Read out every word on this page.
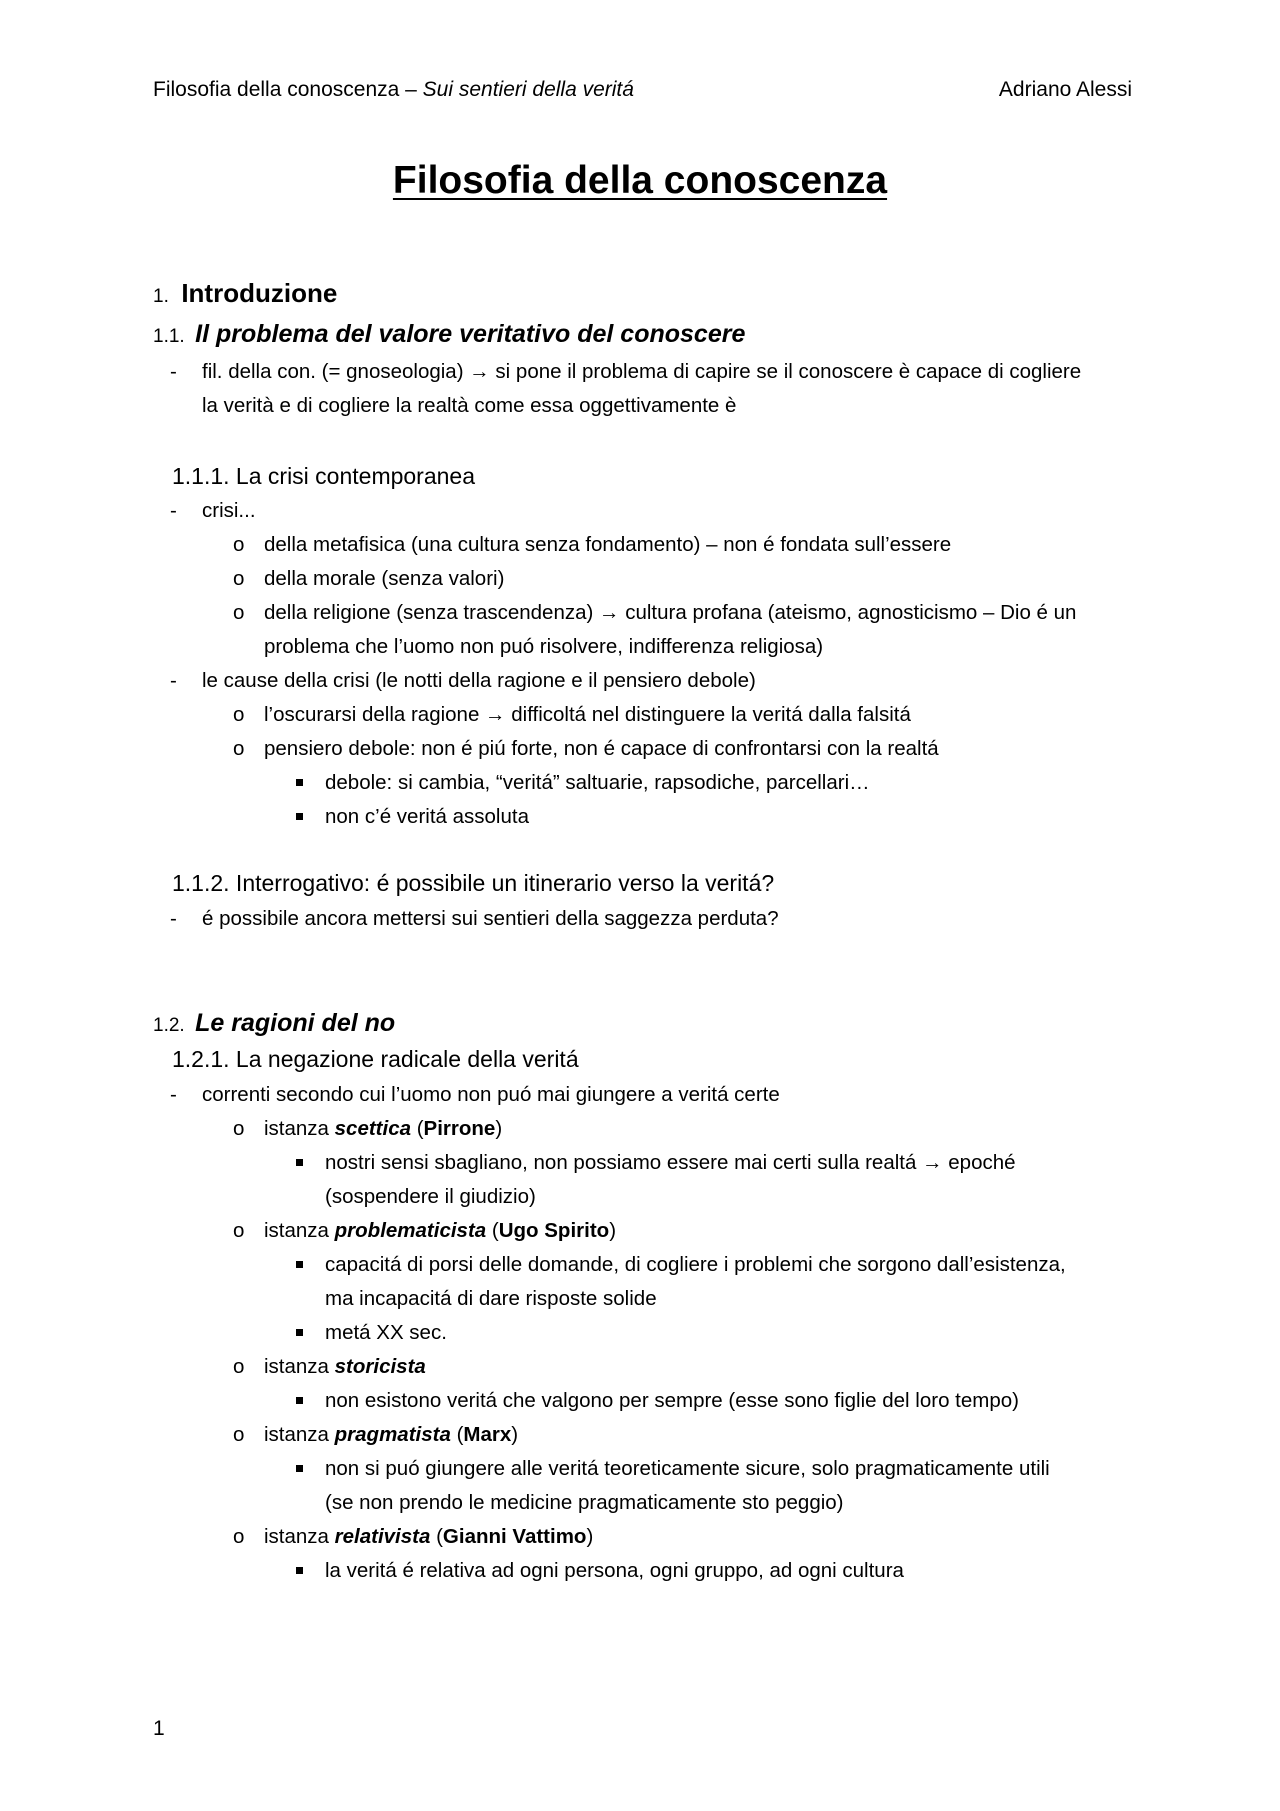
Filosofia della conoscenza – Sui sentieri della veritá	Adriano Alessi
Filosofia della conoscenza
1. Introduzione
1.1. Il problema del valore veritativo del conoscere
- fil. della con. (= gnoseologia) → si pone il problema di capire se il conoscere è capace di cogliere
la verità e di cogliere la realtà come essa oggettivamente è
1.1.1. La crisi contemporanea
- crisi...
o della metafisica (una cultura senza fondamento) – non é fondata sull’essere
o della morale (senza valori)
o della religione (senza trascendenza) → cultura profana (ateismo, agnosticismo – Dio é un
problema che l’uomo non puó risolvere, indifferenza religiosa)
- le cause della crisi (le notti della ragione e il pensiero debole)
o l’oscurarsi della ragione → difficoltá nel distinguere la veritá dalla falsitá
o pensiero debole: non é piú forte, non é capace di confrontarsi con la realtá
debole: si cambia, “veritá” saltuarie, rapsodiche, parcellari…
non c’é veritá assoluta
1.1.2. Interrogativo: é possibile un itinerario verso la veritá?
- é possibile ancora mettersi sui sentieri della saggezza perduta?
1.2. Le ragioni del no
1.2.1. La negazione radicale della veritá
- correnti secondo cui l’uomo non puó mai giungere a veritá certe
o istanza scettica (Pirrone)
nostri sensi sbagliano, non possiamo essere mai certi sulla realtá → epoché
(sospendere il giudizio)
o istanza problematicista (Ugo Spirito)
capacitá di porsi delle domande, di cogliere i problemi che sorgono dall’esistenza,
ma incapacitá di dare risposte solide
metá XX sec.
o istanza storicista
non esistono veritá che valgono per sempre (esse sono figlie del loro tempo)
o istanza pragmatista (Marx)
non si puó giungere alle veritá teoreticamente sicure, solo pragmaticamente utili
(se non prendo le medicine pragmaticamente sto peggio)
o istanza relativista (Gianni Vattimo)
la veritá é relativa ad ogni persona, ogni gruppo, ad ogni cultura
1
